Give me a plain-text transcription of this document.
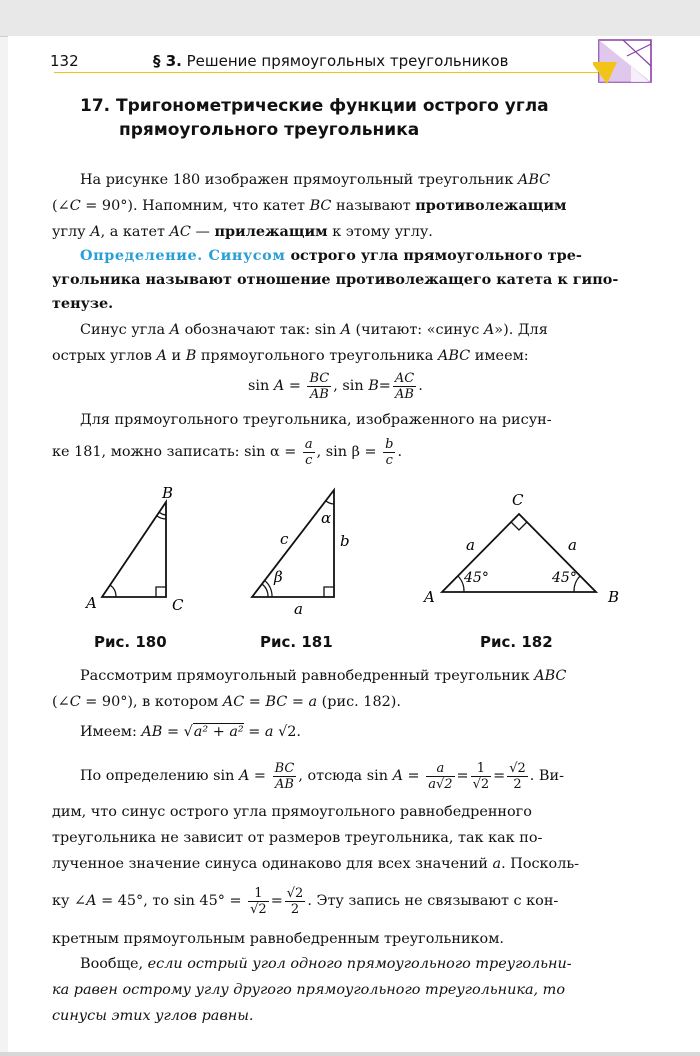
132	§ 3. Решение прямоугольных треугольников
17. Тригонометрические функции острого угла
прямоугольного треугольника
На рисунке 180 изображен прямоугольный треугольник ABC
(∠C = 90°). Напомним, что катет BC называют противолежащим
углу A, а катет AC — прилежащим к этому углу.
Определение. Синусом острого угла прямоугольного тре-
угольника называют отношение противолежащего катета к гипо-
тенузе.
Синус угла A обозначают так: sin A (читают: «синус A»). Для
острых углов A и B прямоугольного треугольника ABC имеем:
$\sin A = \frac{BC}{AB}$ , $\sin B= \frac{AC}{AB}$ .
Для прямоугольного треугольника, изображенного на рисун-
ке 181, можно записать: $\sin \alpha = \frac{a}{c}$ , $\sin \beta = \frac{b}{c}$ .
A
B
C
β
α
c	b
a
A
C
B
45°	45°
a	a
Рис. 180	Рис. 181	Рис. 182
Рассмотрим прямоугольный равнобедренный треугольник ABC
(∠C = 90°), в котором AC = BC = a (рис. 182).
Имеем: AB = √a² + a² = a √2.
По определению $\sin A = \frac{BC}{AB}$ , отсюда $\sin A = \frac{a}{a√2} = \frac{1}{√2} = \frac{√2}{2}$ . Ви-
дим, что синус острого угла прямоугольного равнобедренного
треугольника не зависит от размеров треугольника, так как по-
лученное значение синуса одинаково для всех значений a. Посколь-
ку ∠A = 45°, то $\sin 45^\circ = \frac{1}{√2} = \frac{√2}{2}$ . Эту запись не связывают с кон-
кретным прямоугольным равнобедренным треугольником.
Вообще, если острый угол одного прямоугольного треугольни-
ка равен острому углу другого прямоугольного треугольника, то
синусы этих углов равны.
